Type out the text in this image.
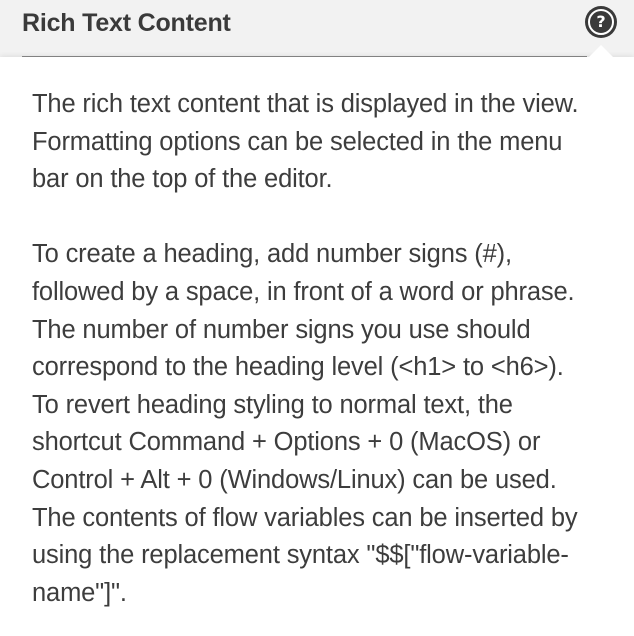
Rich Text Content	?

The rich text content that is displayed in the view.
Formatting options can be selected in the menu
bar on the top of the editor.

To create a heading, add number signs (#),
followed by a space, in front of a word or phrase.
The number of number signs you use should
correspond to the heading level (<h1> to <h6>).
To revert heading styling to normal text, the
shortcut Command + Options + 0 (MacOS) or
Control + Alt + 0 (Windows/Linux) can be used.
The contents of flow variables can be inserted by
using the replacement syntax "$$["flow-variable-
name"]".
